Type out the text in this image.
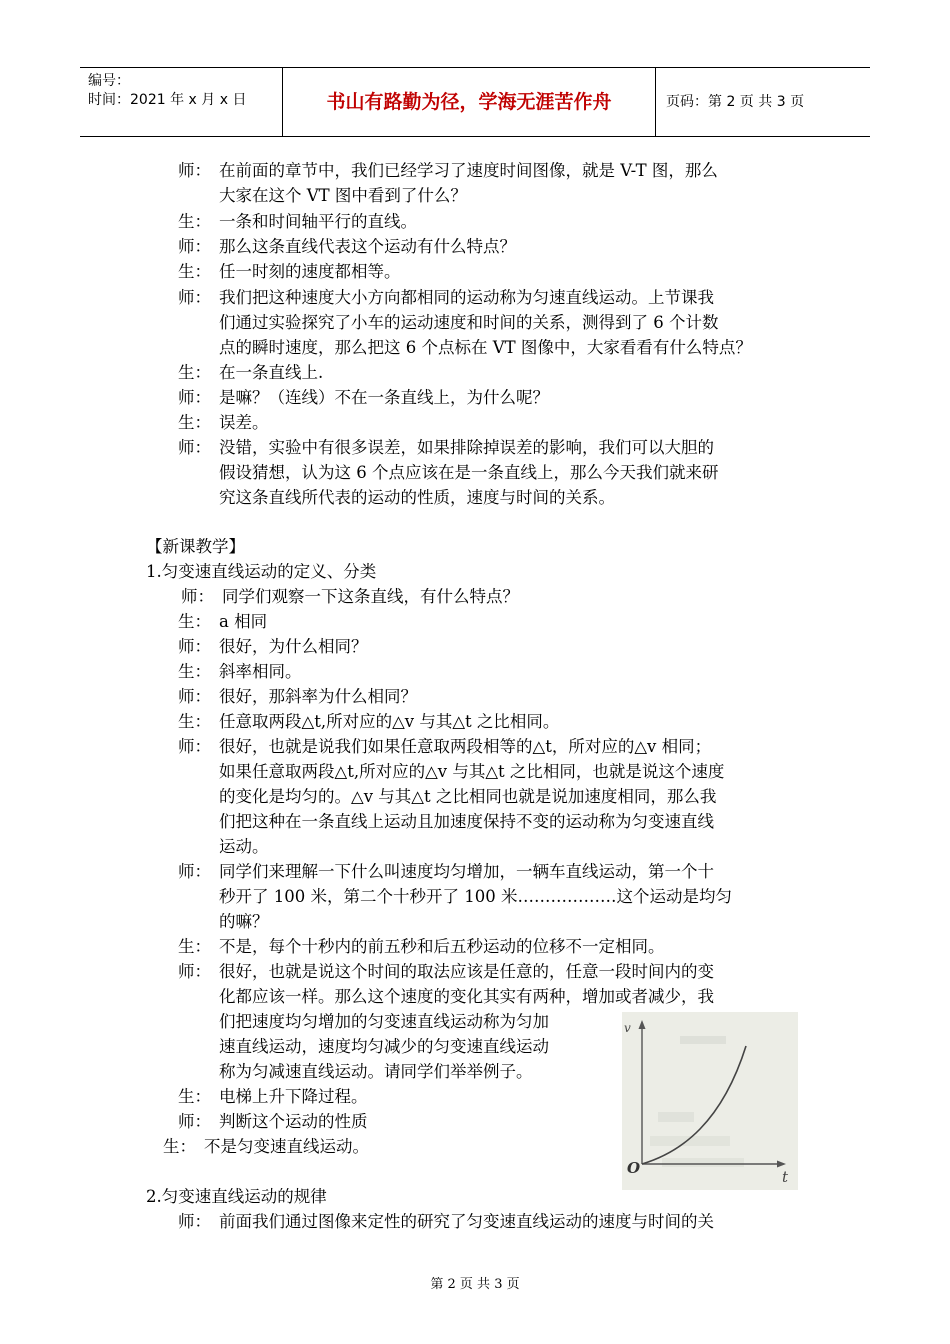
编号：
时间：2021 年 x 月 x 日	书山有路勤为径，学海无涯苦作舟	页码：第 2 页 共 3 页
师： 在前面的章节中，我们已经学习了速度时间图像，就是 V-T 图，那么
大家在这个 VT 图中看到了什么？
生： 一条和时间轴平行的直线。
师： 那么这条直线代表这个运动有什么特点？
生： 任一时刻的速度都相等。
师： 我们把这种速度大小方向都相同的运动称为匀速直线运动。上节课我
们通过实验探究了小车的运动速度和时间的关系，测得到了 6 个计数
点的瞬时速度，那么把这 6 个点标在 VT 图像中，大家看看有什么特点？
生： 在一条直线上.
师： 是嘛？（连线）不在一条直线上，为什么呢？
生： 误差。
师： 没错，实验中有很多误差，如果排除掉误差的影响，我们可以大胆的
假设猜想，认为这 6 个点应该在是一条直线上，那么今天我们就来研
究这条直线所代表的运动的性质，速度与时间的关系。
【新课教学】
1.匀变速直线运动的定义、分类
师： 同学们观察一下这条直线，有什么特点？
生： a 相同
师： 很好，为什么相同？
生： 斜率相同。
师： 很好，那斜率为什么相同？
生： 任意取两段△t,所对应的△v 与其△t 之比相同。
师： 很好，也就是说我们如果任意取两段相等的△t，所对应的△v 相同；
如果任意取两段△t,所对应的△v 与其△t 之比相同，也就是说这个速度
的变化是均匀的。△v 与其△t 之比相同也就是说加速度相同，那么我
们把这种在一条直线上运动且加速度保持不变的运动称为匀变速直线
运动。
师： 同学们来理解一下什么叫速度均匀增加，一辆车直线运动，第一个十
秒开了 100 米，第二个十秒开了 100 米………………这个运动是均匀
的嘛？
生： 不是，每个十秒内的前五秒和后五秒运动的位移不一定相同。
师： 很好，也就是说这个时间的取法应该是任意的，任意一段时间内的变
化都应该一样。那么这个速度的变化其实有两种，增加或者减少，我
们把速度均匀增加的匀变速直线运动称为匀加
速直线运动，速度均匀减少的匀变速直线运动
称为匀减速直线运动。请同学们举举例子。
生： 电梯上升下降过程。
师： 判断这个运动的性质
生： 不是匀变速直线运动。
O
v
t
2.匀变速直线运动的规律
师： 前面我们通过图像来定性的研究了匀变速直线运动的速度与时间的关
第 2 页 共 3 页
